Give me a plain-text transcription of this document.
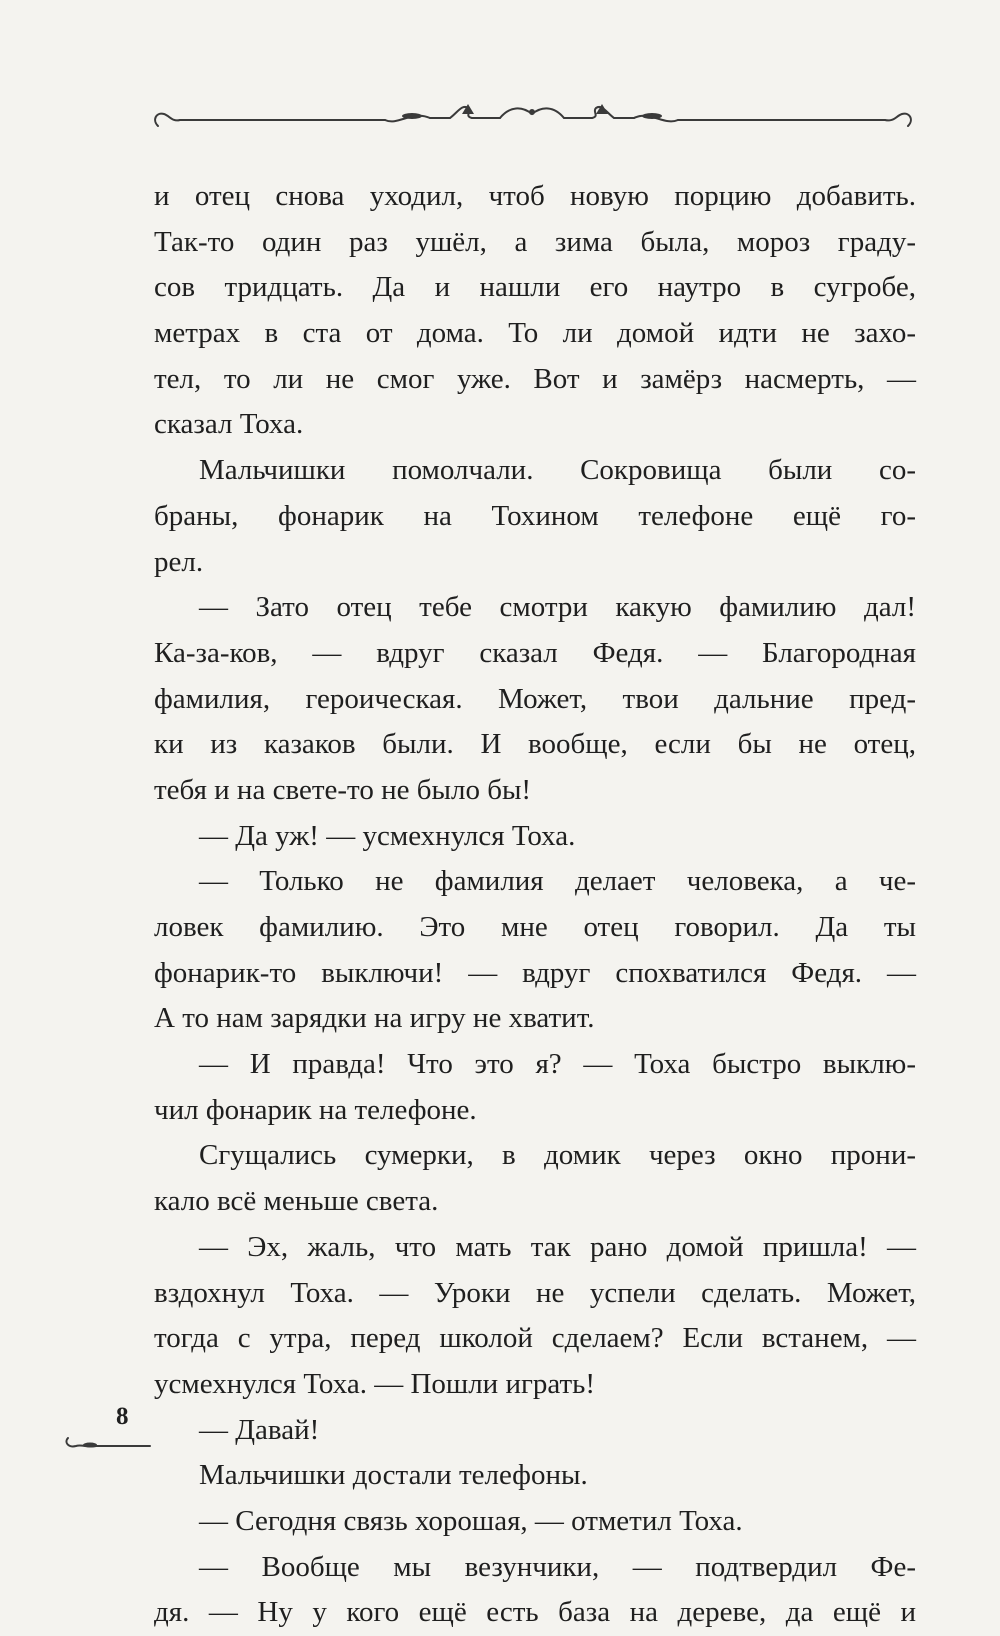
и отец снова уходил, чтоб новую порцию добавить.
Так-то один раз ушёл, а зима была, мороз граду-
сов тридцать. Да и нашли его наутро в сугробе,
метрах в ста от дома. То ли домой идти не захо-
тел, то ли не смог уже. Вот и замёрз насмерть, —
сказал Тоха.
Мальчишки помолчали. Сокровища были со-
браны, фонарик на Тохином телефоне ещё го-
рел.
— Зато отец тебе смотри какую фамилию дал!
Ка-за-ков, — вдруг сказал Федя. — Благородная
фамилия, героическая. Может, твои дальние пред-
ки из казаков были. И вообще, если бы не отец,
тебя и на свете-то не было бы!
— Да уж! — усмехнулся Тоха.
— Только не фамилия делает человека, а че-
ловек фамилию. Это мне отец говорил. Да ты
фонарик-то выключи! — вдруг спохватился Федя. —
А то нам зарядки на игру не хватит.
— И правда! Что это я? — Тоха быстро выклю-
чил фонарик на телефоне.
Сгущались сумерки, в домик через окно прони-
кало всё меньше света.
— Эх, жаль, что мать так рано домой пришла! —
вздохнул Тоха. — Уроки не успели сделать. Может,
тогда с утра, перед школой сделаем? Если встанем, —
усмехнулся Тоха. — Пошли играть!
— Давай!
Мальчишки достали телефоны.
— Сегодня связь хорошая, — отметил Тоха.
— Вообще мы везунчики, — подтвердил Фе-
дя. — Ну у кого ещё есть база на дереве, да ещё и
8
